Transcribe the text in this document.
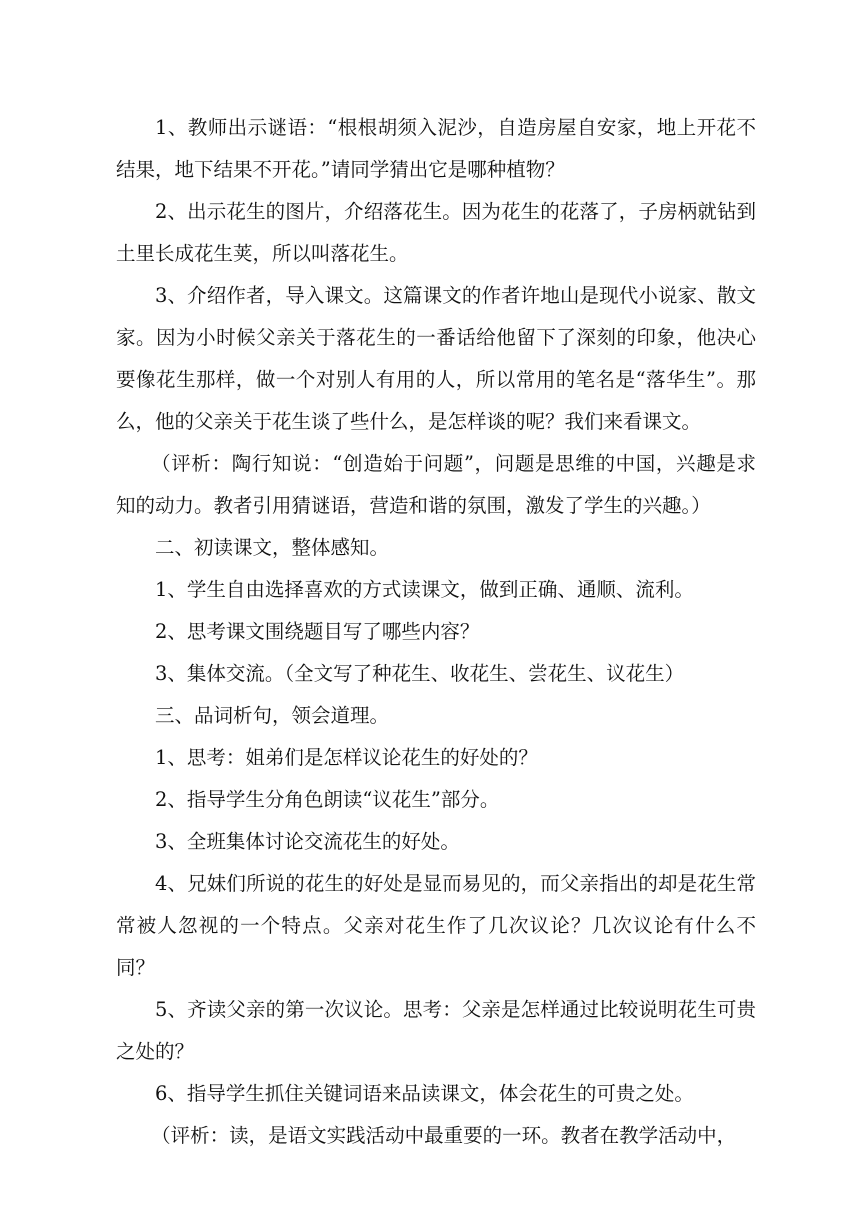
1、教师出示谜语：“根根胡须入泥沙，自造房屋自安家，地上开花不结果，地下结果不开花。”请同学猜出它是哪种植物？

2、出示花生的图片，介绍落花生。因为花生的花落了，子房柄就钻到土里长成花生荚，所以叫落花生。

3、介绍作者，导入课文。这篇课文的作者许地山是现代小说家、散文家。因为小时候父亲关于落花生的一番话给他留下了深刻的印象，他决心要像花生那样，做一个对别人有用的人，所以常用的笔名是“落华生”。那么，他的父亲关于花生谈了些什么，是怎样谈的呢？我们来看课文。

（评析：陶行知说：“创造始于问题”，问题是思维的中国，兴趣是求知的动力。教者引用猜谜语，营造和谐的氛围，激发了学生的兴趣。）

二、初读课文，整体感知。

1、学生自由选择喜欢的方式读课文，做到正确、通顺、流利。

2、思考课文围绕题目写了哪些内容？

3、集体交流。（全文写了种花生、收花生、尝花生、议花生）

三、品词析句，领会道理。

1、思考：姐弟们是怎样议论花生的好处的？

2、指导学生分角色朗读“议花生”部分。

3、全班集体讨论交流花生的好处。

4、兄妹们所说的花生的好处是显而易见的，而父亲指出的却是花生常常被人忽视的一个特点。父亲对花生作了几次议论？几次议论有什么不同？

5、齐读父亲的第一次议论。思考：父亲是怎样通过比较说明花生可贵之处的？

6、指导学生抓住关键词语来品读课文，体会花生的可贵之处。

（评析：读，是语文实践活动中最重要的一环。教者在教学活动中，
